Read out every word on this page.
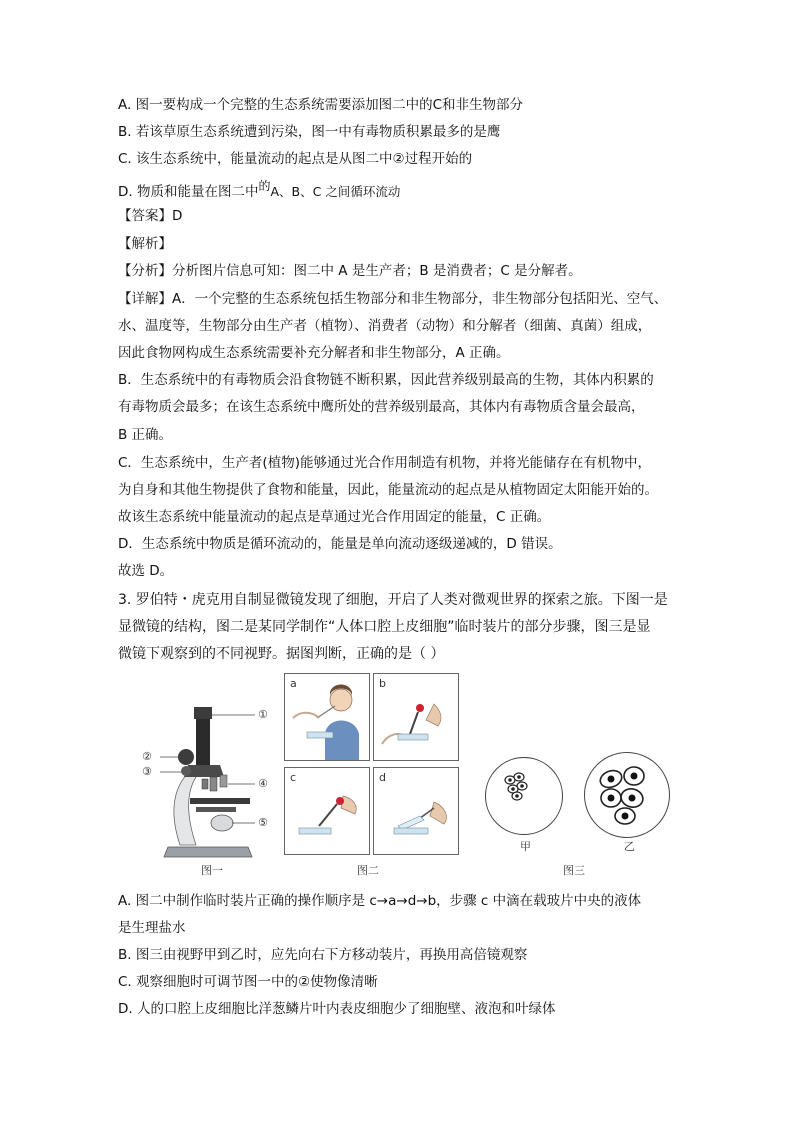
A. 图一要构成一个完整的生态系统需要添加图二中的C和非生物部分
B. 若该草原生态系统遭到污染，图一中有毒物质积累最多的是鹰
C. 该生态系统中，能量流动的起点是从图二中②过程开始的
D. 物质和能量在图二中的A、B、C 之间循环流动
【答案】D
【解析】
【分析】分析图片信息可知：图二中 A 是生产者；B 是消费者；C 是分解者。
【详解】A．一个完整的生态系统包括生物部分和非生物部分，非生物部分包括阳光、空气、
水、温度等，生物部分由生产者（植物）、消费者（动物）和分解者（细菌、真菌）组成，
因此食物网构成生态系统需要补充分解者和非生物部分，A 正确。
B．生态系统中的有毒物质会沿食物链不断积累，因此营养级别最高的生物，其体内积累的
有毒物质会最多；在该生态系统中鹰所处的营养级别最高，其体内有毒物质含量会最高，
B 正确。
C．生态系统中，生产者(植物)能够通过光合作用制造有机物，并将光能储存在有机物中，
为自身和其他生物提供了食物和能量，因此，能量流动的起点是从植物固定太阳能开始的。
故该生态系统中能量流动的起点是草通过光合作用固定的能量，C 正确。
D．生态系统中物质是循环流动的，能量是单向流动逐级递减的，D 错误。
故选 D。
3. 罗伯特・虎克用自制显微镜发现了细胞，开启了人类对微观世界的探索之旅。下图一是
显微镜的结构，图二是某同学制作“人体口腔上皮细胞”临时装片的部分步骤，图三是显
微镜下观察到的不同视野。据图判断，正确的是（ ）
①
②
③
④
⑤
图一
a	b
c	d
图二
甲	乙
图三
A. 图二中制作临时装片正确的操作顺序是 c→a→d→b，步骤 c 中滴在载玻片中央的液体
是生理盐水
B. 图三由视野甲到乙时，应先向右下方移动装片，再换用高倍镜观察
C. 观察细胞时可调节图一中的②使物像清晰
D. 人的口腔上皮细胞比洋葱鳞片叶内表皮细胞少了细胞壁、液泡和叶绿体
